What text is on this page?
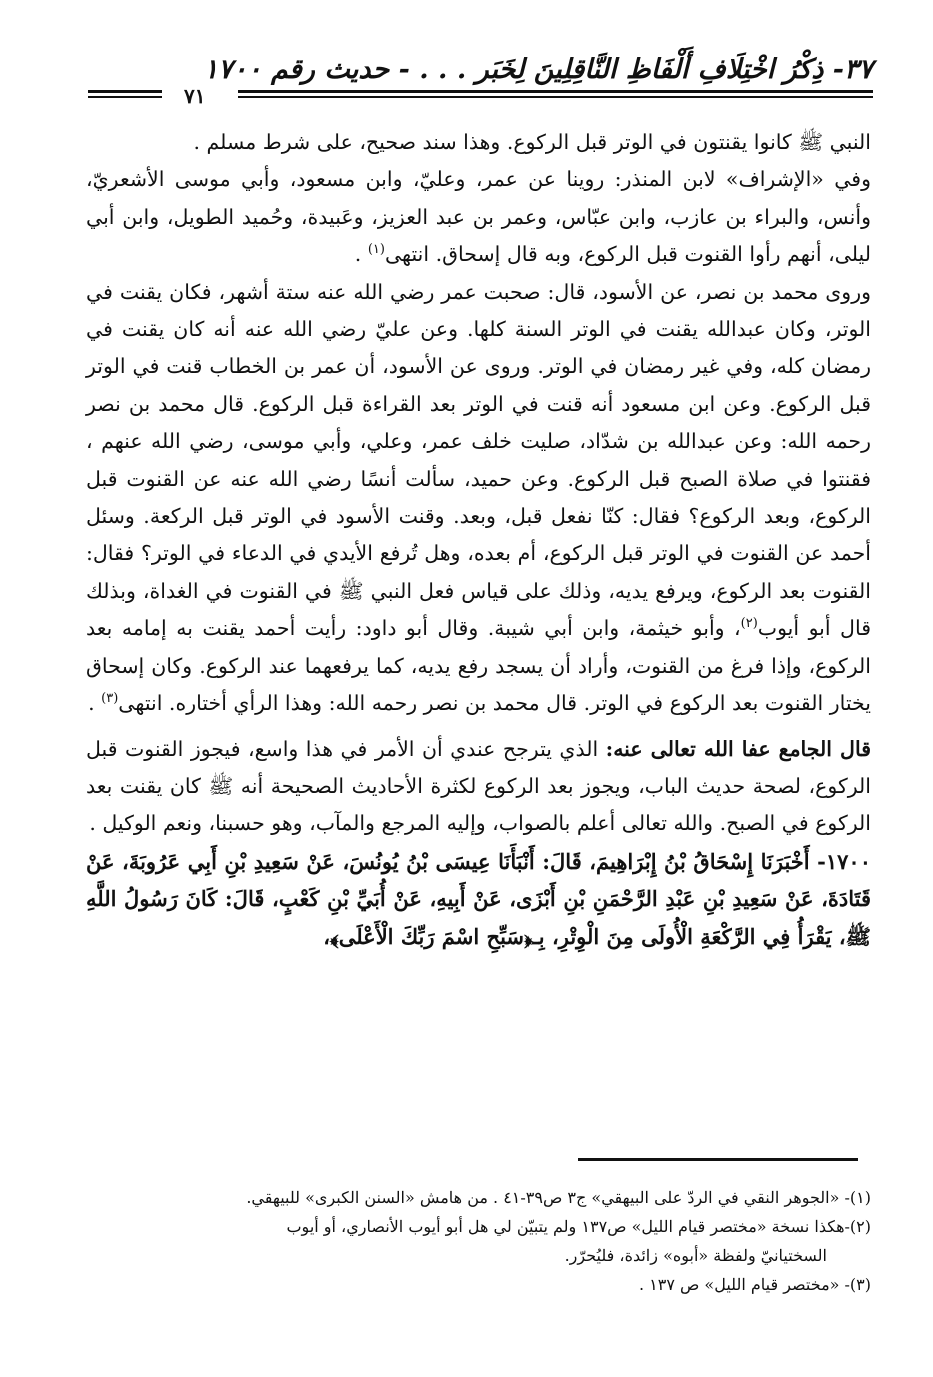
٣٧- ذِكْرُ اخْتِلَافِ أَلْفَاظِ النَّاقِلِينَ لِخَبَر . . . - حديث رقم ١٧٠٠
٧١

النبي ﷺ كانوا يقنتون في الوتر قبل الركوع. وهذا سند صحيح، على شرط مسلم .

وفي «الإشراف» لابن المنذر: روينا عن عمر، وعليّ، وابن مسعود، وأبي موسى الأشعريّ، وأنس، والبراء بن عازب، وابن عبّاس، وعمر بن عبد العزيز، وعَبيدة، وحُميد الطويل، وابن أبي ليلى، أنهم رأوا القنوت قبل الركوع، وبه قال إسحاق. انتهى$^{(١)}$ .

وروى محمد بن نصر، عن الأسود، قال: صحبت عمر رضي الله عنه ستة أشهر، فكان يقنت في الوتر، وكان عبدالله يقنت في الوتر السنة كلها. وعن عليّ رضي الله عنه أنه كان يقنت في رمضان كله، وفي غير رمضان في الوتر. وروى عن الأسود، أن عمر بن الخطاب قنت في الوتر قبل الركوع. وعن ابن مسعود أنه قنت في الوتر بعد القراءة قبل الركوع. قال محمد بن نصر رحمه الله: وعن عبدالله بن شدّاد، صليت خلف عمر، وعلي، وأبي موسى، رضي الله عنهم ، فقنتوا في صلاة الصبح قبل الركوع. وعن حميد، سألت أنسًا رضي الله عنه عن القنوت قبل الركوع، وبعد الركوع؟ فقال: كنّا نفعل قبل، وبعد. وقنت الأسود في الوتر قبل الركعة. وسئل أحمد عن القنوت في الوتر قبل الركوع، أم بعده، وهل تُرفع الأيدي في الدعاء في الوتر؟ فقال: القنوت بعد الركوع، ويرفع يديه، وذلك على قياس فعل النبي ﷺ في القنوت في الغداة، وبذلك قال أبو أيوب$^{(٢)}$، وأبو خيثمة، وابن أبي شيبة. وقال أبو داود: رأيت أحمد يقنت به إمامه بعد الركوع، وإذا فرغ من القنوت، وأراد أن يسجد رفع يديه، كما يرفعهما عند الركوع. وكان إسحاق يختار القنوت بعد الركوع في الوتر. قال محمد بن نصر رحمه الله: وهذا الرأي أختاره. انتهى$^{(٣)}$ .

قال الجامع عفا الله تعالى عنه: الذي يترجح عندي أن الأمر في هذا واسع، فيجوز القنوت قبل الركوع، لصحة حديث الباب، ويجوز بعد الركوع لكثرة الأحاديث الصحيحة أنه ﷺ كان يقنت بعد الركوع في الصبح. والله تعالى أعلم بالصواب، وإليه المرجع والمآب، وهو حسبنا، ونعم الوكيل .

١٧٠٠- أَخْبَرَنَا إِسْحَاقُ بْنُ إِبْرَاهِيمَ، قَالَ: أَنْبَأَنَا عِيسَى بْنُ يُونُسَ، عَنْ سَعِيدِ بْنِ أَبِي عَرُوبَةَ، عَنْ قَتَادَةَ، عَنْ سَعِيدِ بْنِ عَبْدِ الرَّحْمَنِ بْنِ أَبْزَى، عَنْ أَبِيهِ، عَنْ أُبَيِّ بْنِ كَعْبٍ، قَالَ: كَانَ رَسُولُ اللَّهِ ﷺ، يَقْرَأُ فِي الرَّكْعَةِ الْأُولَى مِنَ الْوِتْرِ، بِـ﴿سَبِّحِ اسْمَ رَبِّكَ الْأَعْلَى﴾،

(١)- «الجوهر النقي في الردّ على البيهقي» ج٣ ص٣٩-٤١ . من هامش «السنن الكبرى» للبيهقي.

(٢)-هكذا نسخة «مختصر قيام الليل» ص١٣٧ ولم يتبيّن لي هل أبو أيوب الأنصاري، أو أيوب

السختيانيّ ولفظة «أبوه» زائدة، فليُحرّر.

(٣)- «مختصر قيام الليل» ص ١٣٧ .
